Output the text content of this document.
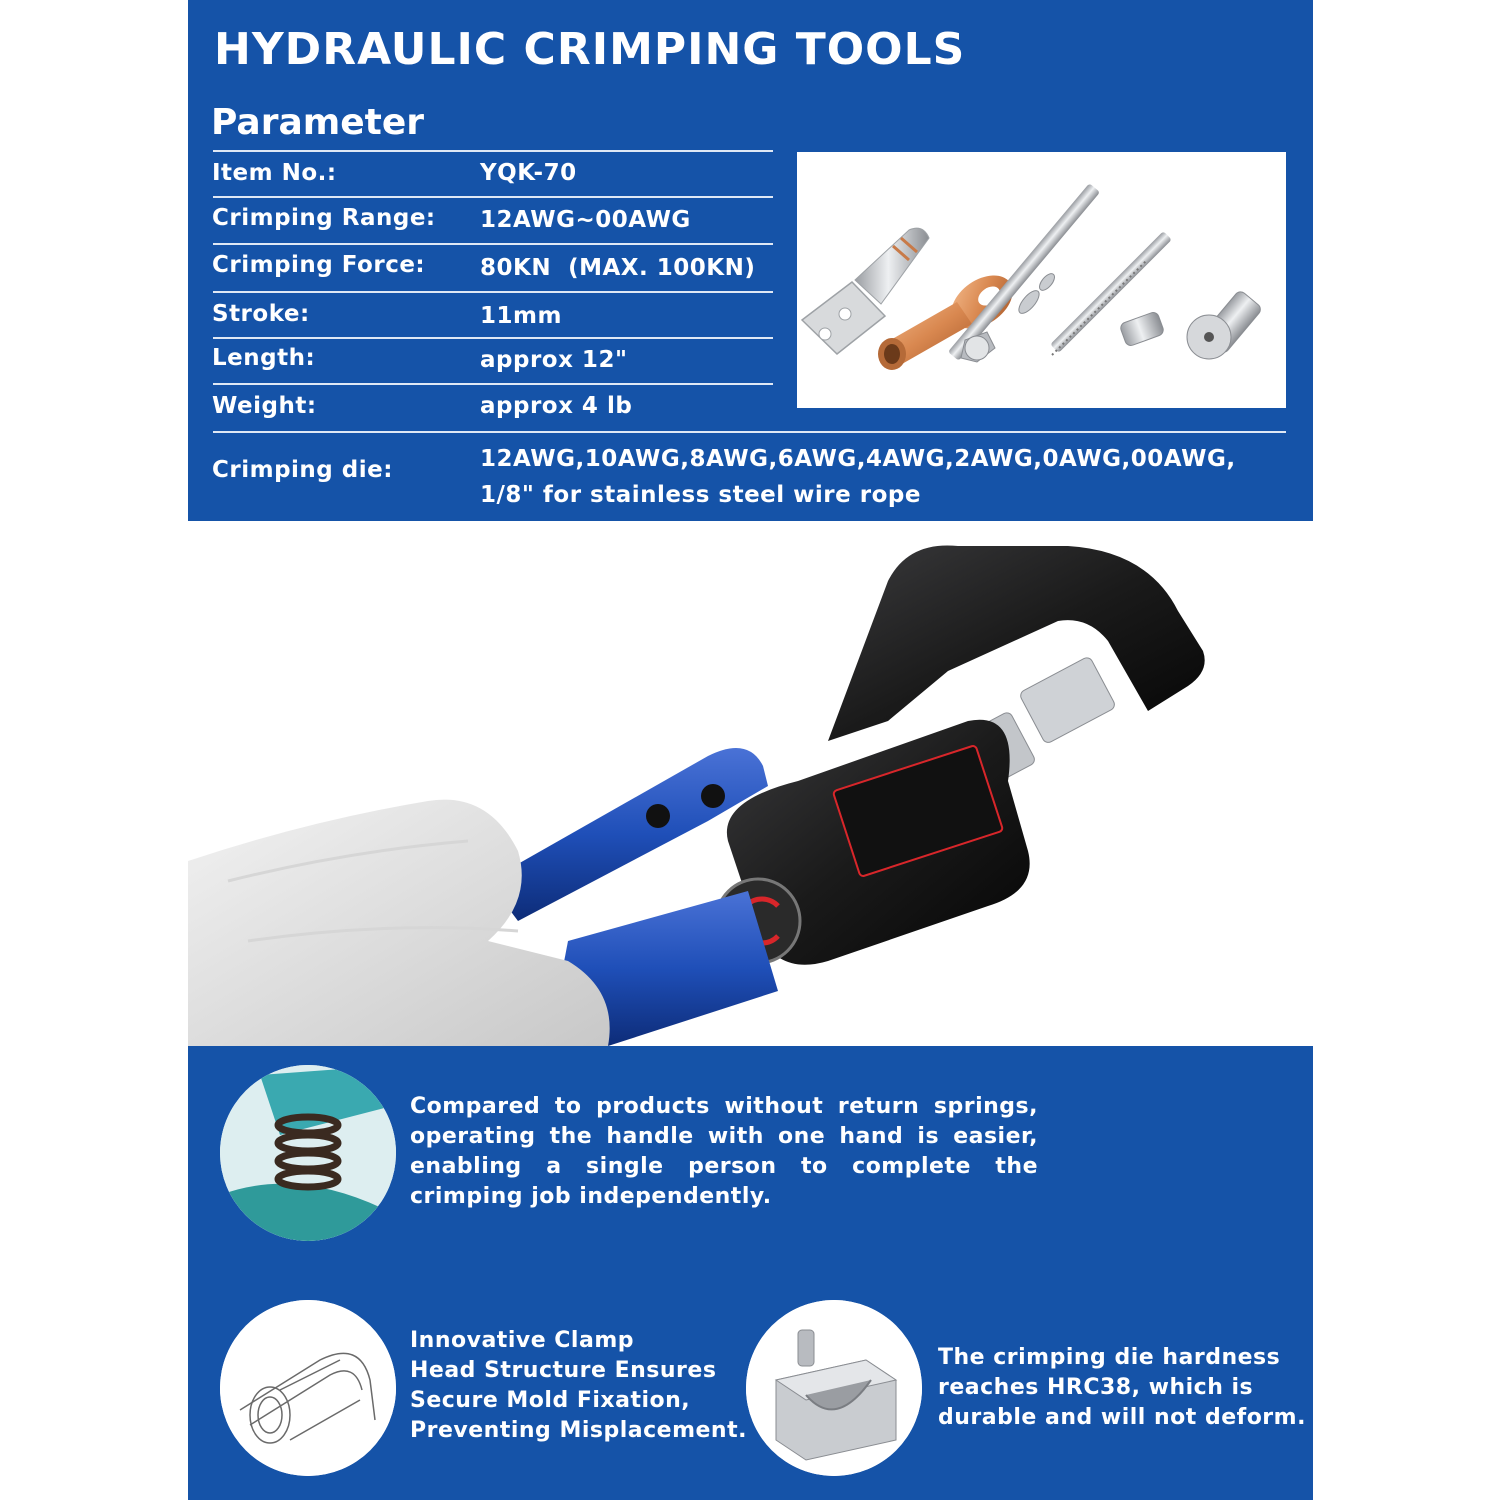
HYDRAULIC CRIMPING TOOLS
Parameter
Item No.:	YQK-70
Crimping Range: 12AWG~00AWG
Crimping Force: 80KN  (MAX. 100KN)
Stroke:	11mm
Length:	approx 12"
Weight:	approx 4 lb
Crimping die:	12AWG,10AWG,8AWG,6AWG,4AWG,2AWG,0AWG,00AWG,
1/8" for stainless steel wire rope
Compared to products without return springs, operating the handle with one hand is easier, enabling a single person to complete the crimping job independently.
Innovative Clamp
Head Structure Ensures
Secure Mold Fixation,
Preventing Misplacement.
The crimping die hardness
reaches HRC38, which is
durable and will not deform.
